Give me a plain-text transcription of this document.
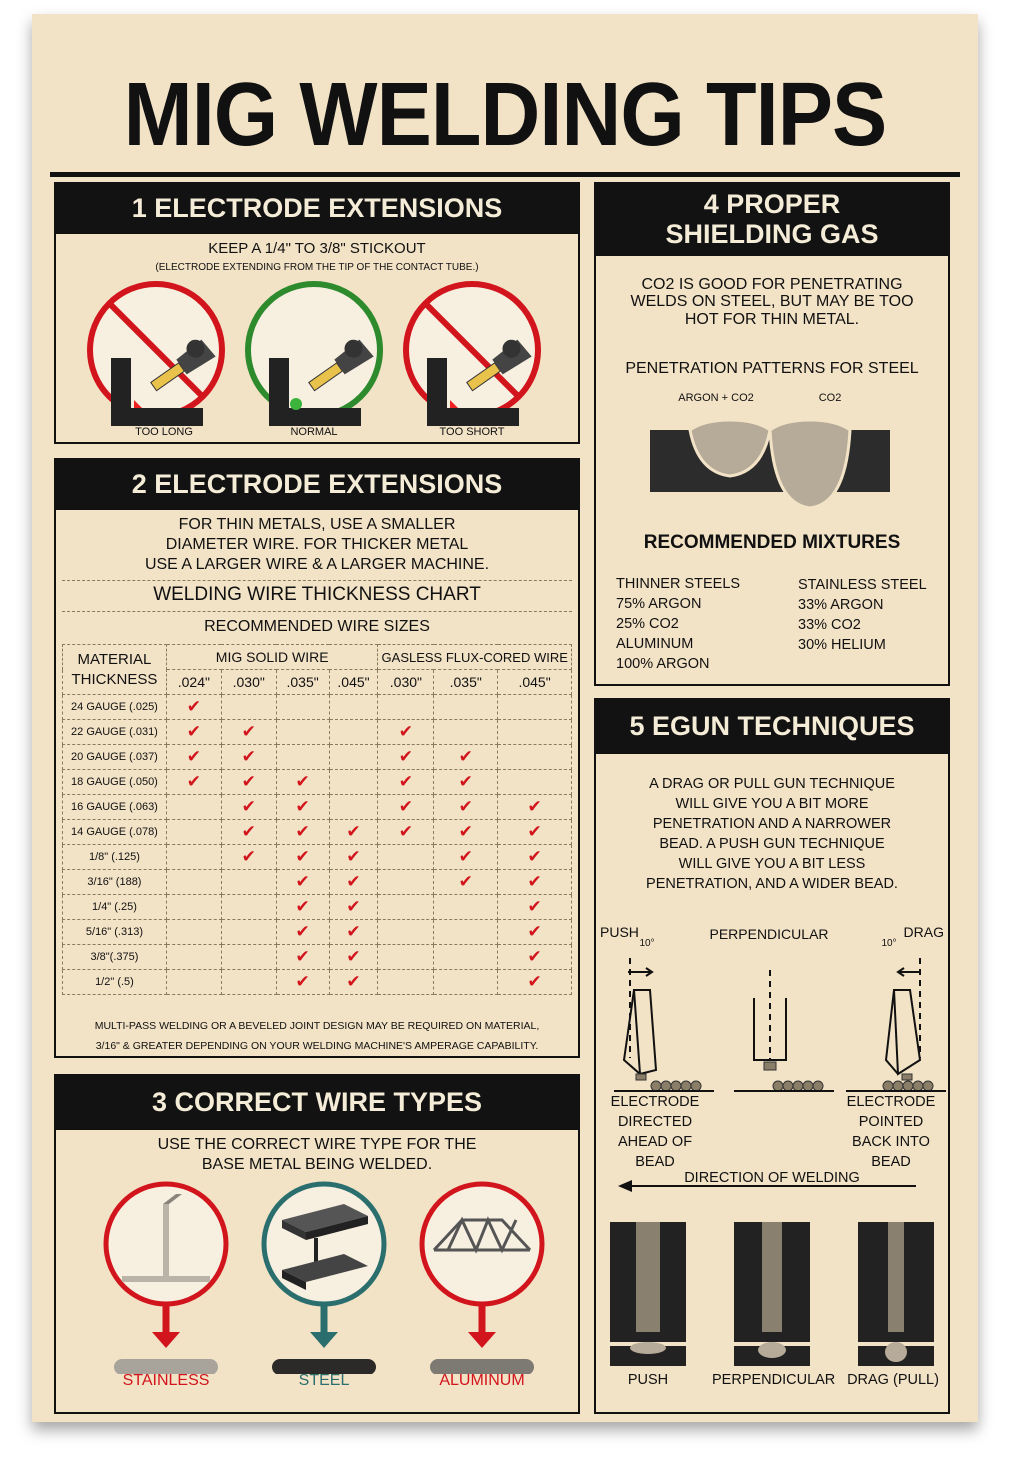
MIG WELDING TIPS
1 ELECTRODE EXTENSIONS
KEEP A 1/4" TO 3/8" STICKOUT
(ELECTRODE EXTENDING FROM THE TIP OF THE CONTACT TUBE.)
TOO LONG	NORMAL	TOO SHORT
2 ELECTRODE EXTENSIONS
FOR THIN METALS, USE A SMALLER
DIAMETER WIRE. FOR THICKER METAL
USE A LARGER WIRE & A LARGER MACHINE.
WELDING WIRE THICKNESS CHART
RECOMMENDED WIRE SIZES
MATERIAL
THICKNESS	MIG SOLID WIRE				GASLESS FLUX-CORED WIRE		
	.024"	.030"	.035"	.045"	.030"	.035"	.045"
24 GAUGE (.025)	✔						
22 GAUGE (.031)	✔	✔			✔		
20 GAUGE (.037)	✔	✔			✔	✔	
18 GAUGE (.050)	✔	✔	✔		✔	✔	
16 GAUGE (.063)		✔	✔		✔	✔	✔
14 GAUGE (.078)		✔	✔	✔	✔	✔	✔
1/8" (.125)		✔	✔	✔		✔	✔
3/16" (188)			✔	✔		✔	✔
1/4" (.25)			✔	✔			✔
5/16" (.313)			✔	✔			✔
3/8"(.375)			✔	✔			✔
1/2" (.5)			✔	✔			✔
MULTI-PASS WELDING OR A BEVELED JOINT DESIGN MAY BE REQUIRED ON MATERIAL,
3/16" & GREATER DEPENDING ON YOUR WELDING MACHINE'S AMPERAGE CAPABILITY.
3 CORRECT WIRE TYPES
USE THE CORRECT WIRE TYPE FOR THE
BASE METAL BEING WELDED.
STAINLESS	STEEL	ALUMINUM
4 PROPER
SHIELDING GAS
CO2 IS GOOD FOR PENETRATING
WELDS ON STEEL, BUT MAY BE TOO
HOT FOR THIN METAL.
PENETRATION PATTERNS FOR STEEL
ARGON + CO2	CO2
RECOMMENDED MIXTURES
THINNER STEELS
75% ARGON
25% CO2
ALUMINUM
100% ARGON
STAINLESS STEEL
33% ARGON
33% CO2
30% HELIUM
5 EGUN TECHNIQUES
A DRAG OR PULL GUN TECHNIQUE
WILL GIVE YOU A BIT MORE
PENETRATION AND A NARROWER
BEAD. A PUSH GUN TECHNIQUE
WILL GIVE YOU A BIT LESS
PENETRATION, AND A WIDER BEAD.
PUSH	PERPENDICULAR	DRAG
10°	10°
ELECTRODE
DIRECTED
AHEAD OF
BEAD
ELECTRODE
POINTED
BACK INTO
BEAD
DIRECTION OF WELDING
PUSH	PERPENDICULAR DRAG (PULL)
